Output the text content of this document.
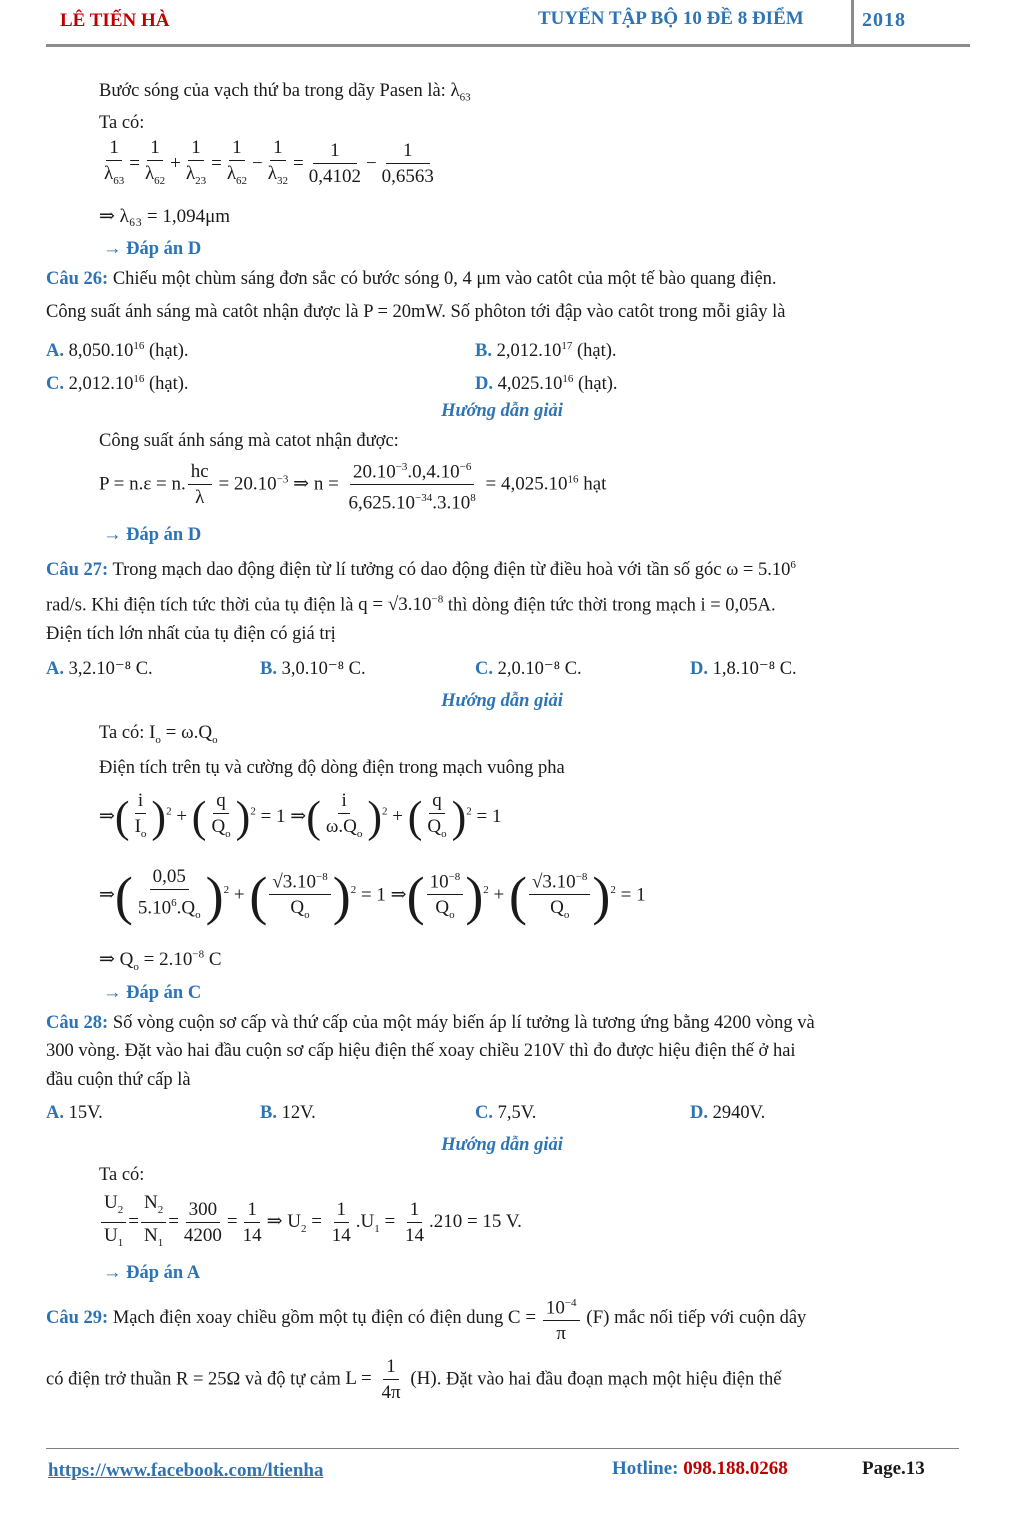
LÊ TIẾN HÀ	TUYỂN TẬP BỘ 10 ĐỀ 8 ĐIỂM	2018
Bước sóng của vạch thứ ba trong dãy Pasen là: $\lambda_{63}$
Ta có:
$\frac{1}{\lambda_{63}} = \frac{1}{\lambda_{62}} + \frac{1}{\lambda_{23}} = \frac{1}{\lambda_{62}} - \frac{1}{\lambda_{32}} = \frac{1}{0,4102} - \frac{1}{0,6563}$
⇒ λ₆₃ = 1,094μm
→ Đáp án D
Câu 26: Chiếu một chùm sáng đơn sắc có bước sóng 0, 4 μm vào catôt của một tế bào quang điện.
Công suất ánh sáng mà catôt nhận được là P = 20mW. Số phôton tới đập vào catôt trong mỗi giây là
A. 8,050.10$^{16}$ (hạt).	B. 2,012.10$^{17}$ (hạt).
C. 2,012.10$^{16}$ (hạt).	D. 4,025.10$^{16}$ (hạt).
Hướng dẫn giải
Công suất ánh sáng mà catot nhận được:
P = n.ε = n. $\frac{hc}{\lambda} = 20.10^{-3}$ ⇒ $n = \frac{20.10^{-3}.0,4.10^{-6}}{6,625.10^{-34}.3.10^8} = 4,025.10^{16}$ hạt
→ Đáp án D
Câu 27: Trong mạch dao động điện từ lí tưởng có dao động điện từ điều hoà với tần số góc $\omega = 5.10^6$
rad/s. Khi điện tích tức thời của tụ điện là $q = √3.10^{-8}$ thì dòng điện tức thời trong mạch i = 0,05A.
Điện tích lớn nhất của tụ điện có giá trị
A. 3,2.10⁻⁸ C.	B. 3,0.10⁻⁸ C.	C. 2,0.10⁻⁸ C.	D. 1,8.10⁻⁸ C.
Hướng dẫn giải
Ta có: $I_o = \omega.Q_o$
Điện tích trên tụ và cường độ dòng điện trong mạch vuông pha
⇒( $\frac{i}{I_o} )^2$ + ( $\frac{q}{Q_o} )^2 = 1$ ⇒( $\frac{i}{\omega.Q_o} )^2$ + ( $\frac{q}{Q_o} )^2 = 1$
⇒( $\frac{0,05}{5.10^6.Q_o} )^2$ + ( $\frac{√3.10^{-8}}{Q_o} )^2 = 1$ ⇒( $\frac{10^{-8}}{Q_o} )^2$ + ( $\frac{√3.10^{-8}}{Q_o} )^2 = 1$
⇒ $Q_o = 2.10^{-8}$ C
→ Đáp án C
Câu 28: Số vòng cuộn sơ cấp và thứ cấp của một máy biến áp lí tưởng là tương ứng bằng 4200 vòng và
300 vòng. Đặt vào hai đầu cuộn sơ cấp hiệu điện thế xoay chiều 210V thì đo được hiệu điện thế ở hai
đầu cuộn thứ cấp là
A. 15V.	B. 12V.	C. 7,5V.	D. 2940V.
Hướng dẫn giải
Ta có:
$\frac{U_2}{U_1} = \frac{N_2}{N_1} = \frac{300}{4200} = \frac{1}{14}$ ⇒ $U_2 = \frac{1}{14} .U_1 = \frac{1}{14} .210 = 15$ V.
→ Đáp án A
Câu 29: Mạch điện xoay chiều gồm một tụ điện có điện dung $C = \frac{10^{-4}}{\pi} (F)$ mắc nối tiếp với cuộn dây
có điện trở thuần R = 25Ω và độ tự cảm $L = \frac{1}{4\pi} (H)$. Đặt vào hai đầu đoạn mạch một hiệu điện thế
https://www.facebook.com/ltienha	Hotline: 098.188.0268	Page.13
